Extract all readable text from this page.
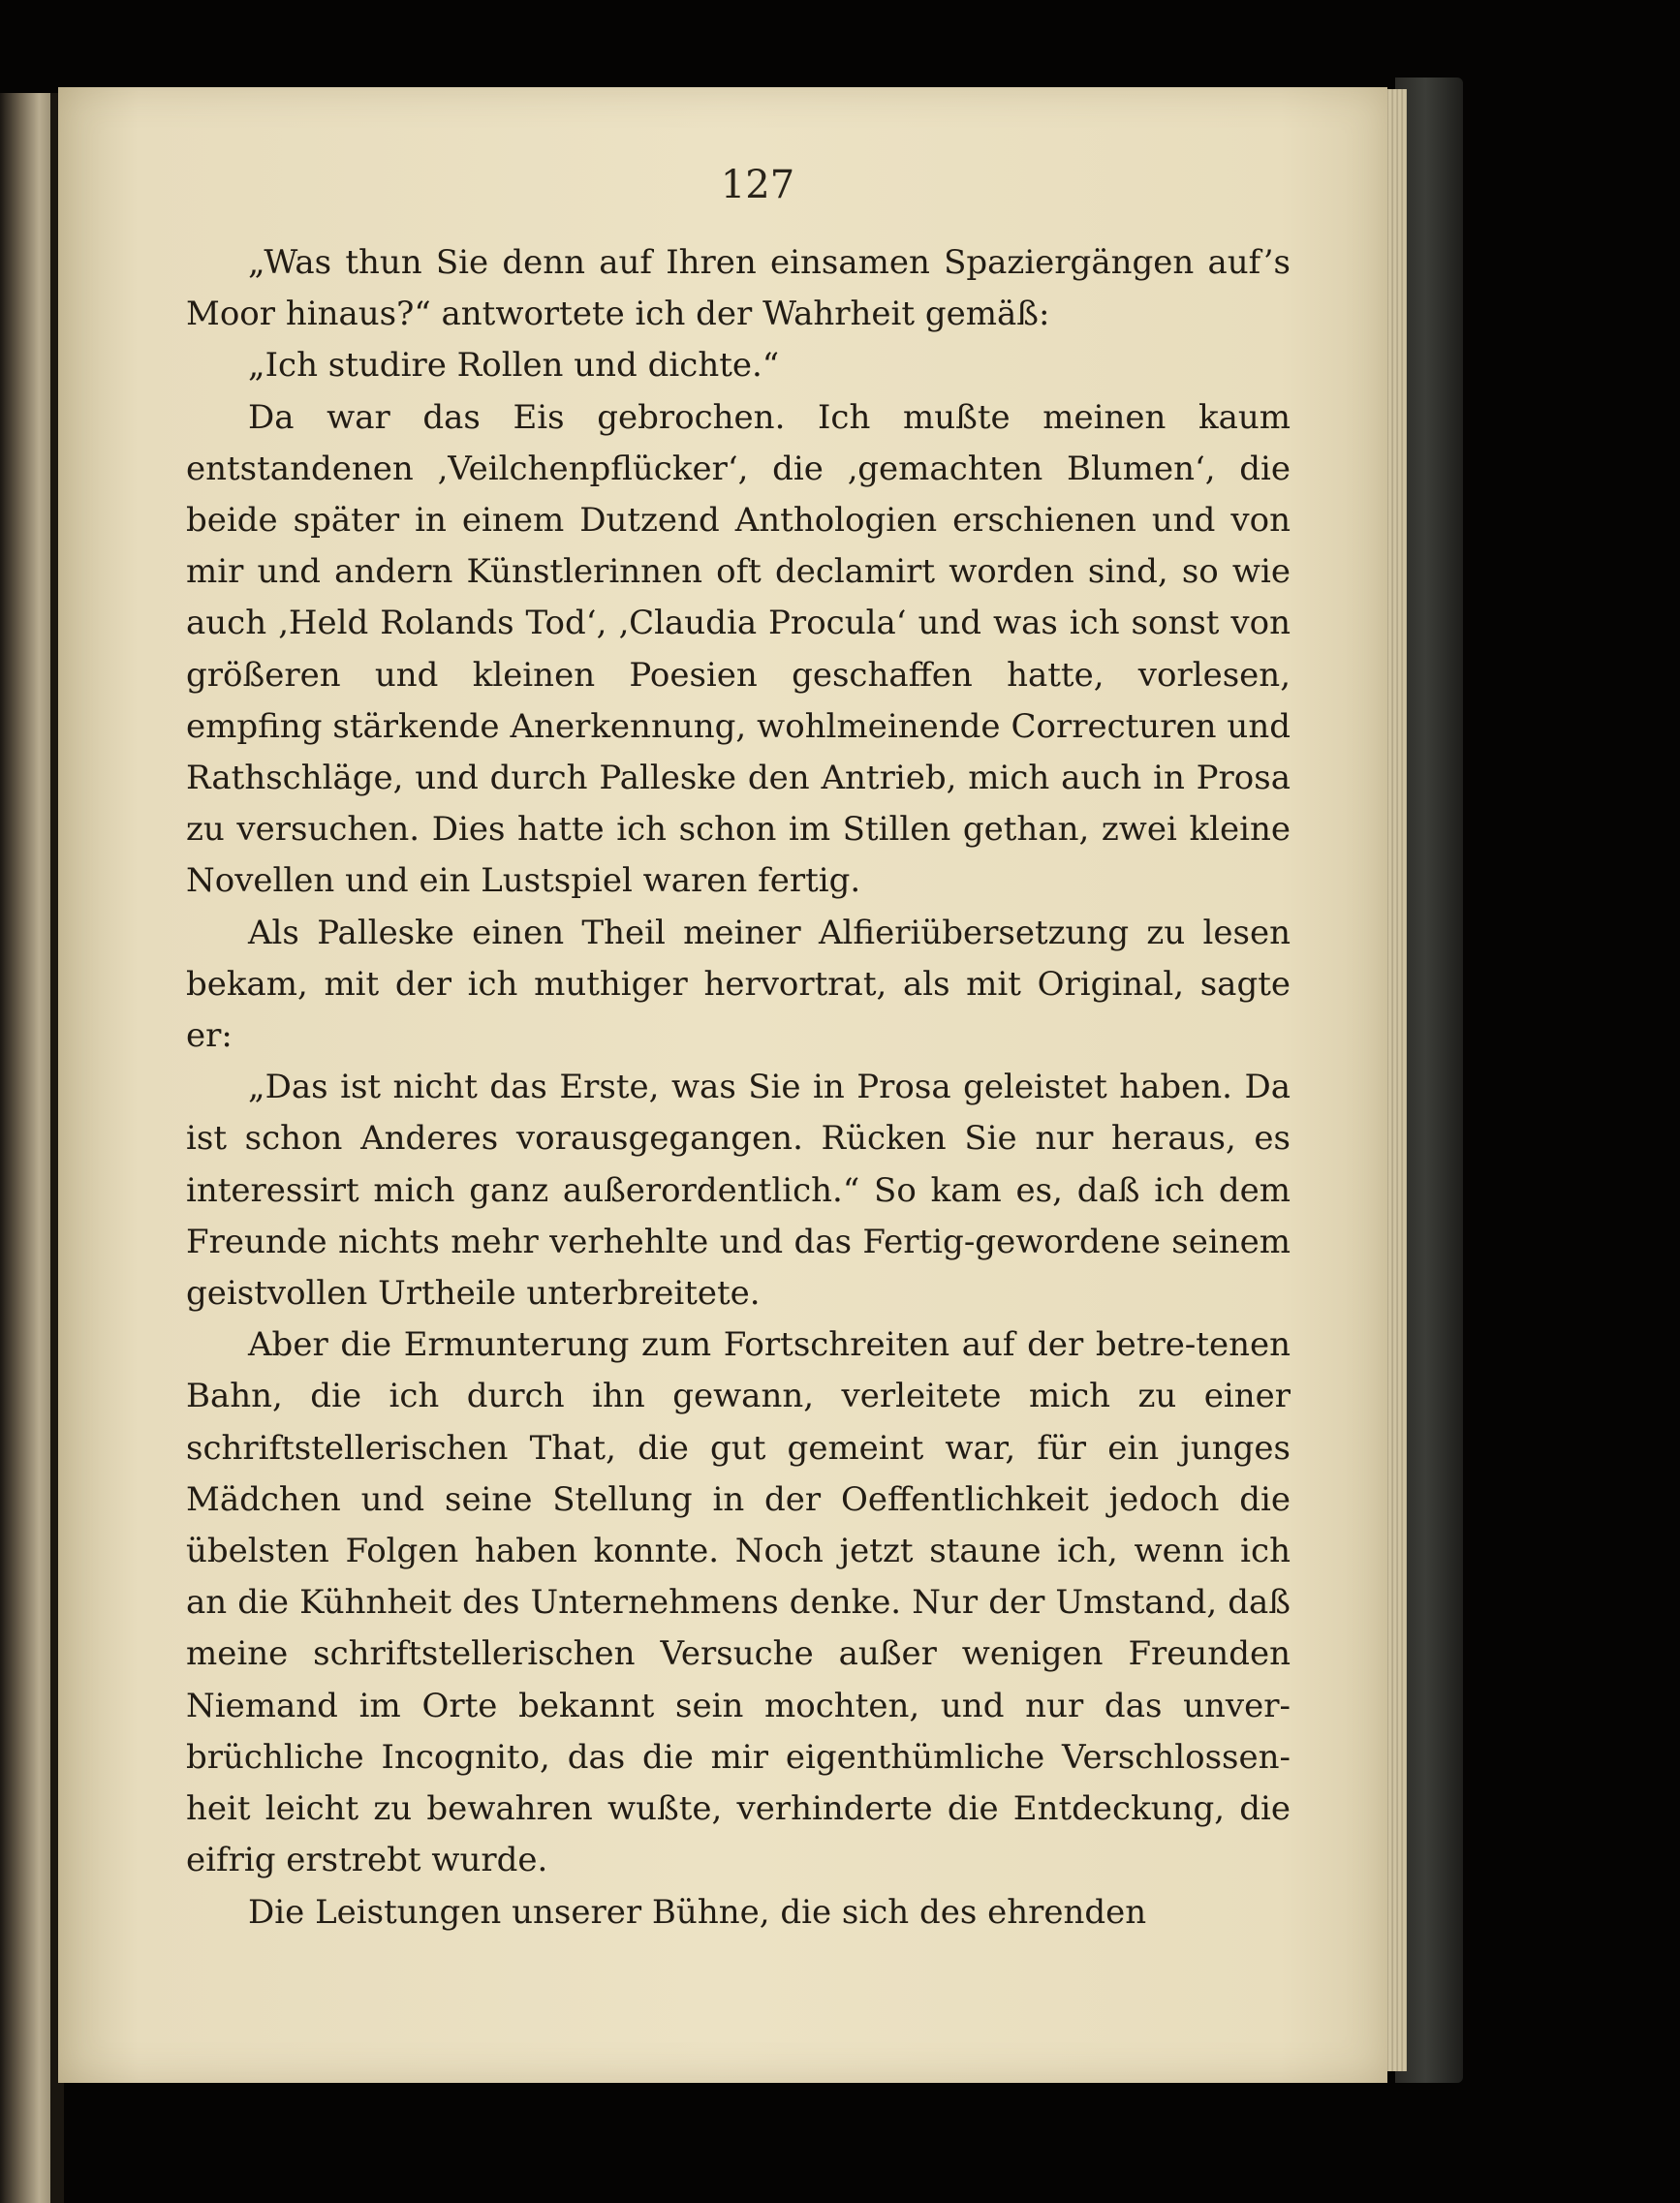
127

„Was thun Sie denn auf Ihren einsamen Spaziergängen auf’s Moor hinaus?“ antwortete ich der Wahrheit gemäß:

„Ich studire Rollen und dichte.“

Da war das Eis gebrochen. Ich mußte meinen kaum entstandenen ‚Veilchenpflücker‘, die ‚gemachten Blumen‘, die beide später in einem Dutzend Anthologien erschienen und von mir und andern Künstlerinnen oft declamirt worden sind, so wie auch ‚Held Rolands Tod‘, ‚Claudia Procula‘ und was ich sonst von größeren und kleinen Poesien geschaffen hatte, vorlesen, empfing stärkende Anerkennung, wohlmeinende Correcturen und Rathschläge, und durch Palleske den Antrieb, mich auch in Prosa zu versuchen. Dies hatte ich schon im Stillen gethan, zwei kleine Novellen und ein Lustspiel waren fertig.

Als Palleske einen Theil meiner Alfieriübersetzung zu lesen bekam, mit der ich muthiger hervortrat, als mit Original, sagte er:

„Das ist nicht das Erste, was Sie in Prosa geleistet haben. Da ist schon Anderes vorausgegangen. Rücken Sie nur heraus, es interessirt mich ganz außerordentlich.“ So kam es, daß ich dem Freunde nichts mehr verhehlte und das Fertig-gewordene seinem geistvollen Urtheile unterbreitete.

Aber die Ermunterung zum Fortschreiten auf der betre-tenen Bahn, die ich durch ihn gewann, verleitete mich zu einer schriftstellerischen That, die gut gemeint war, für ein junges Mädchen und seine Stellung in der Oeffentlichkeit jedoch die übelsten Folgen haben konnte. Noch jetzt staune ich, wenn ich an die Kühnheit des Unternehmens denke. Nur der Umstand, daß meine schriftstellerischen Versuche außer wenigen Freunden Niemand im Orte bekannt sein mochten, und nur das unver-brüchliche Incognito, das die mir eigenthümliche Verschlossen-heit leicht zu bewahren wußte, verhinderte die Entdeckung, die eifrig erstrebt wurde.

Die Leistungen unserer Bühne, die sich des ehrenden
